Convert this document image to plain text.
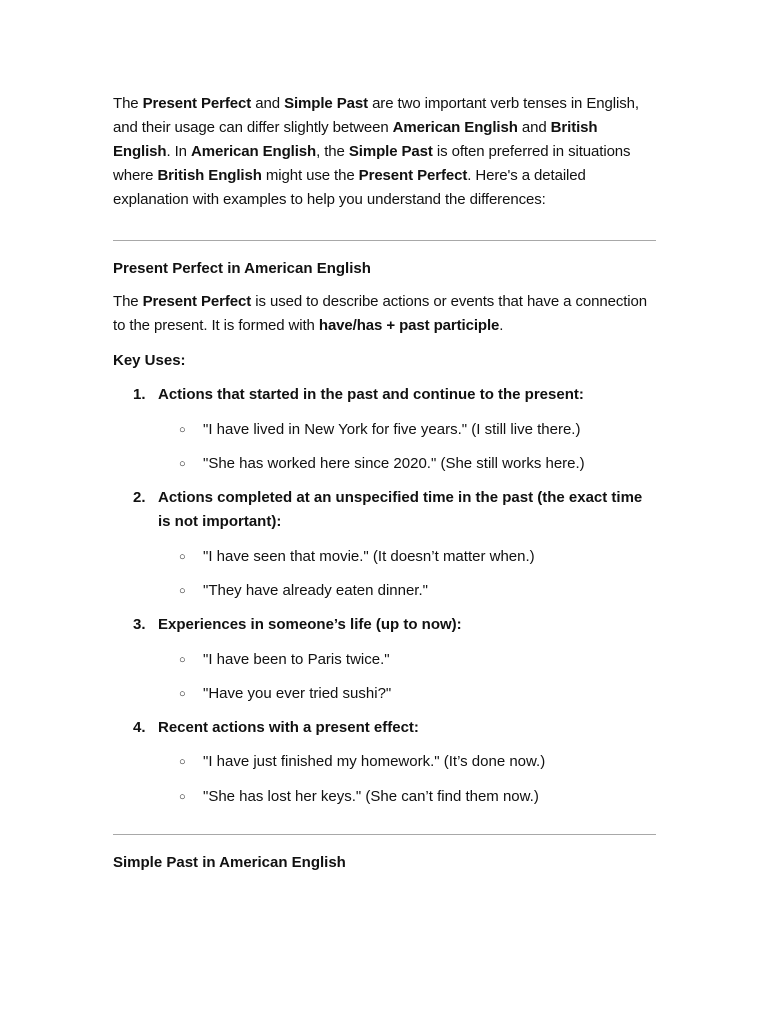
The Present Perfect and Simple Past are two important verb tenses in English, and their usage can differ slightly between American English and British English. In American English, the Simple Past is often preferred in situations where British English might use the Present Perfect. Here's a detailed explanation with examples to help you understand the differences:

Present Perfect in American English

The Present Perfect is used to describe actions or events that have a connection to the present. It is formed with have/has + past participle.

Key Uses:

1. Actions that started in the past and continue to the present:
○ "I have lived in New York for five years." (I still live there.)
○ "She has worked here since 2020." (She still works here.)
2. Actions completed at an unspecified time in the past (the exact time is not important):
○ "I have seen that movie." (It doesn’t matter when.)
○ "They have already eaten dinner."
3. Experiences in someone’s life (up to now):
○ "I have been to Paris twice."
○ "Have you ever tried sushi?"
4. Recent actions with a present effect:
○ "I have just finished my homework." (It’s done now.)
○ "She has lost her keys." (She can’t find them now.)

Simple Past in American English
